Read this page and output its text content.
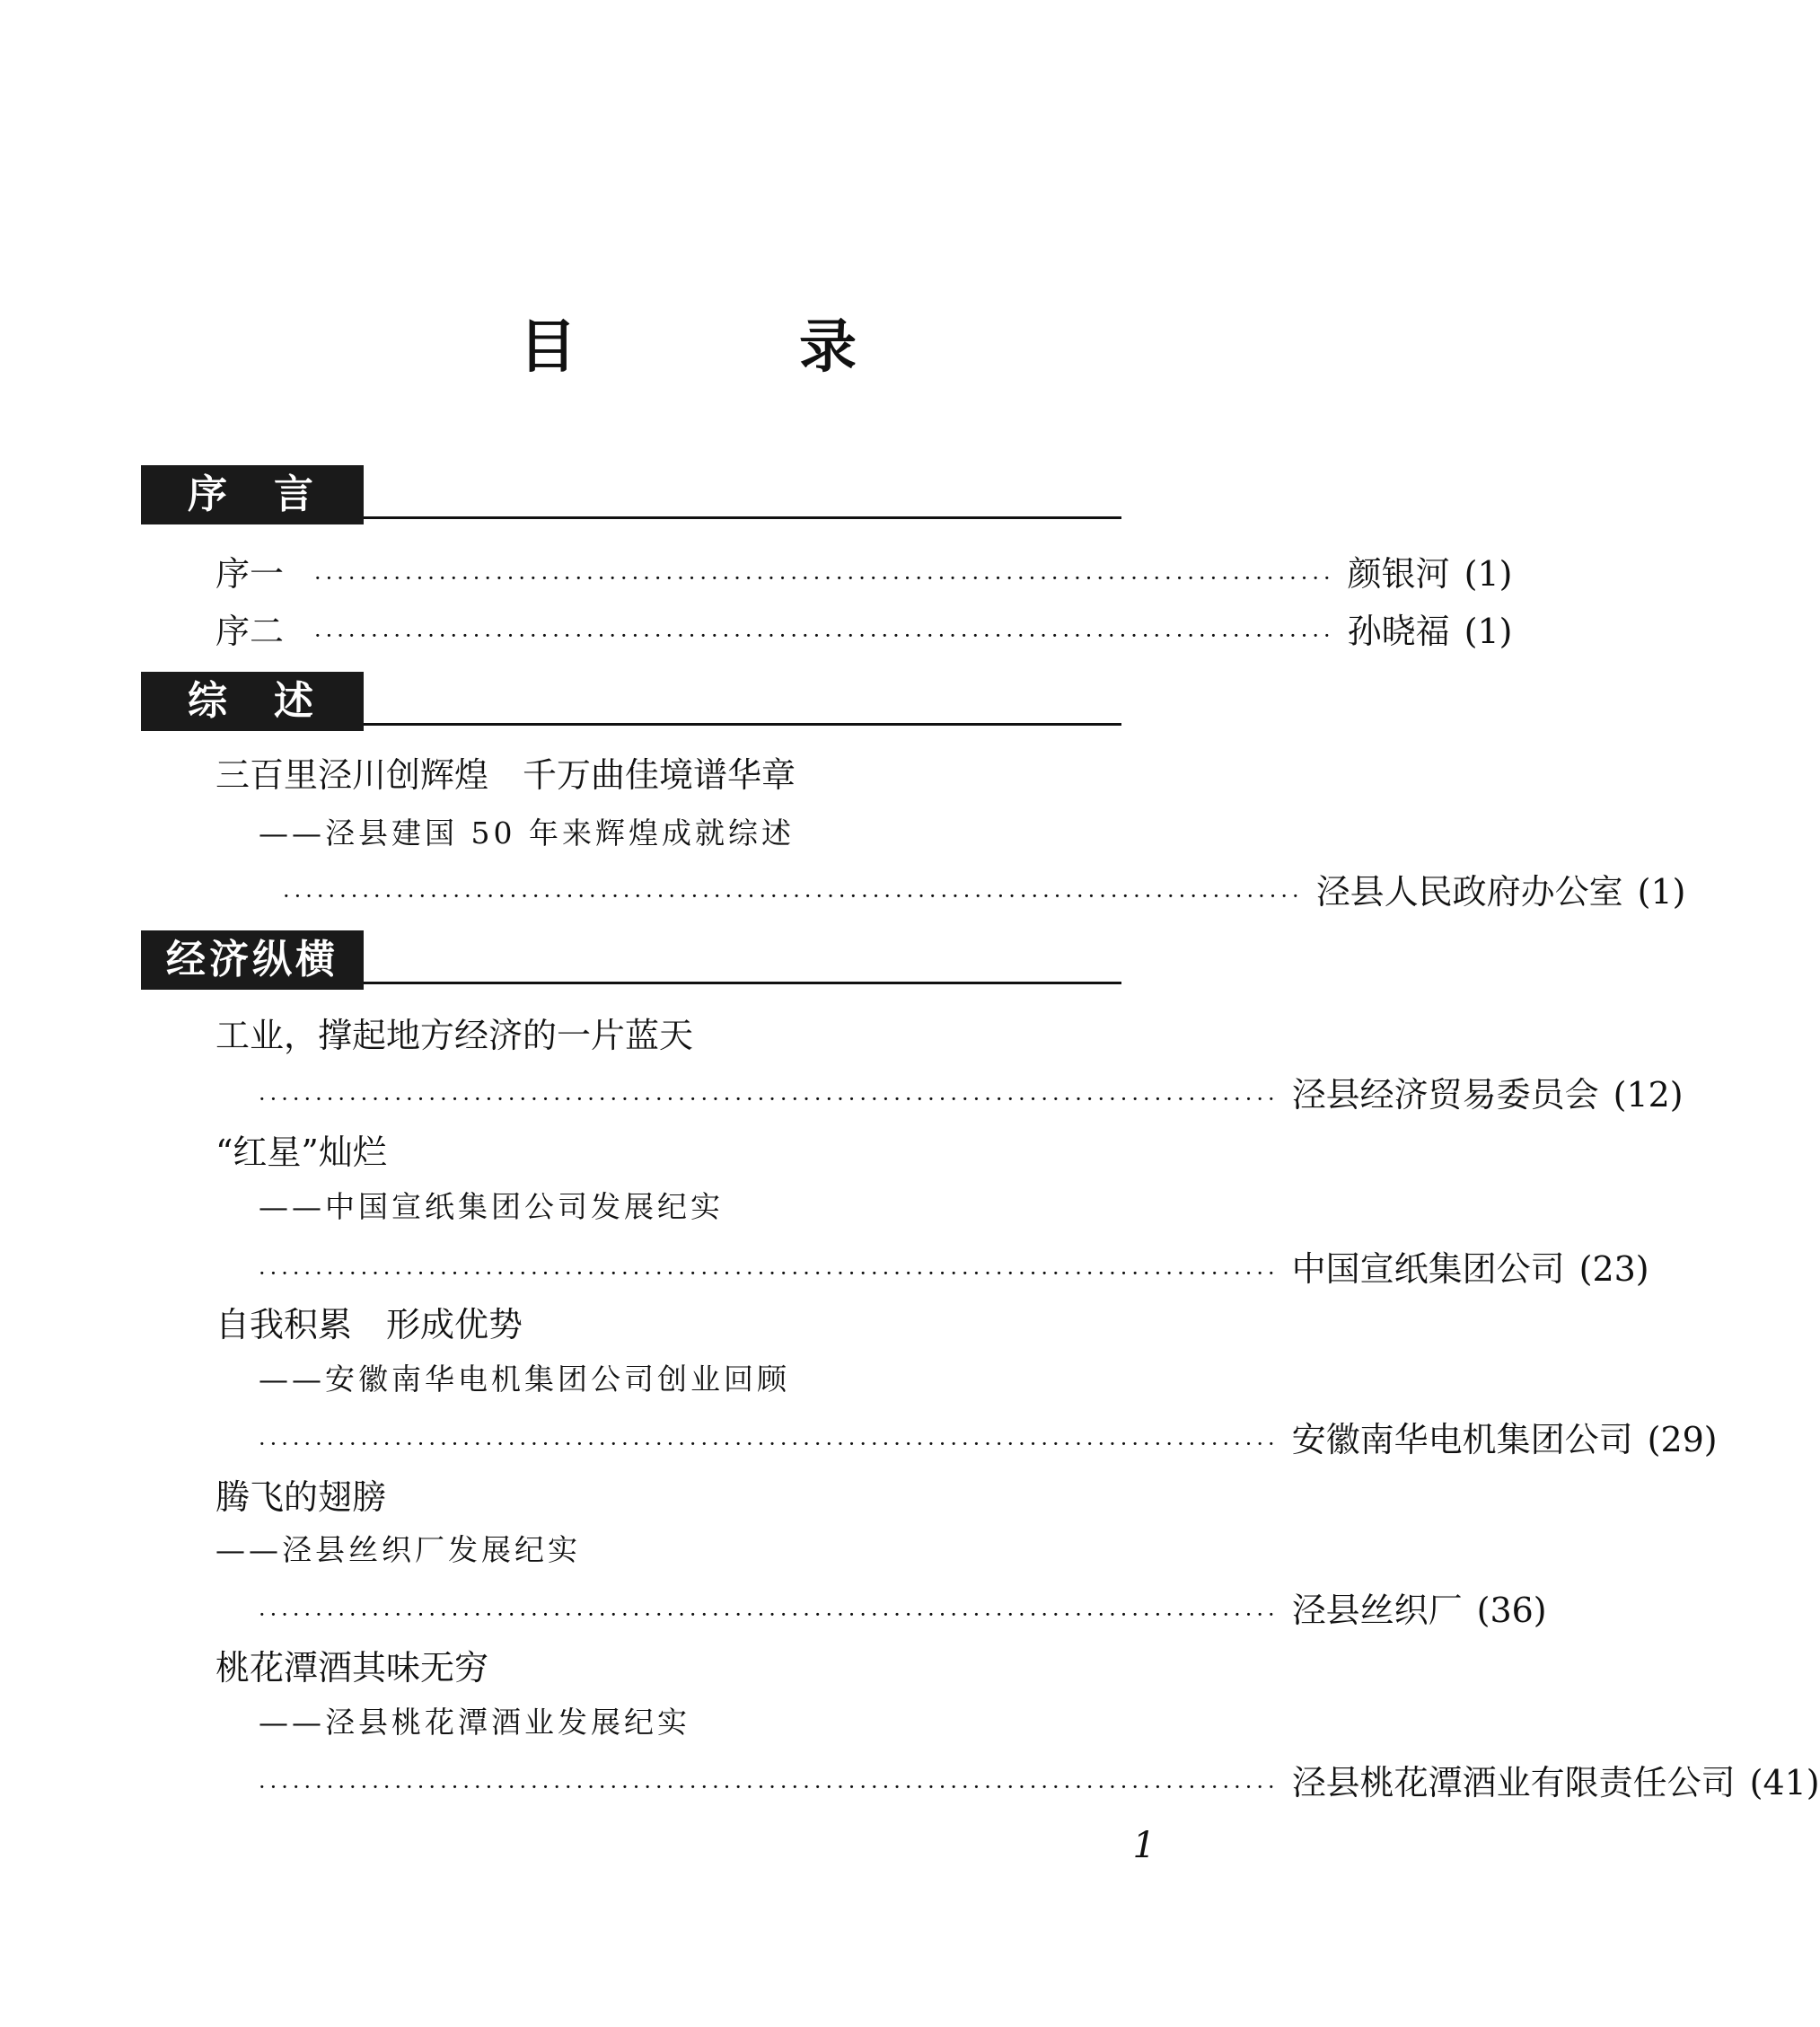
目　录
序　言
序一 ·························································································· 颜银河 (1)
序二 ·························································································· 孙晓福 (1)
综　述
三百里泾川创辉煌　千万曲佳境谱华章
——泾县建国 50 年来辉煌成就综述
·························································································· 泾县人民政府办公室 (1)
经济纵横
工业，撑起地方经济的一片蓝天
·························································································· 泾县经济贸易委员会 (12)
“红星”灿烂
——中国宣纸集团公司发展纪实
·························································································· 中国宣纸集团公司 (23)
自我积累　形成优势
——安徽南华电机集团公司创业回顾
·························································································· 安徽南华电机集团公司 (29)
腾飞的翅膀
——泾县丝织厂发展纪实
·························································································· 泾县丝织厂 (36)
桃花潭酒其味无穷
——泾县桃花潭酒业发展纪实
·························································································· 泾县桃花潭酒业有限责任公司 (41)
1
